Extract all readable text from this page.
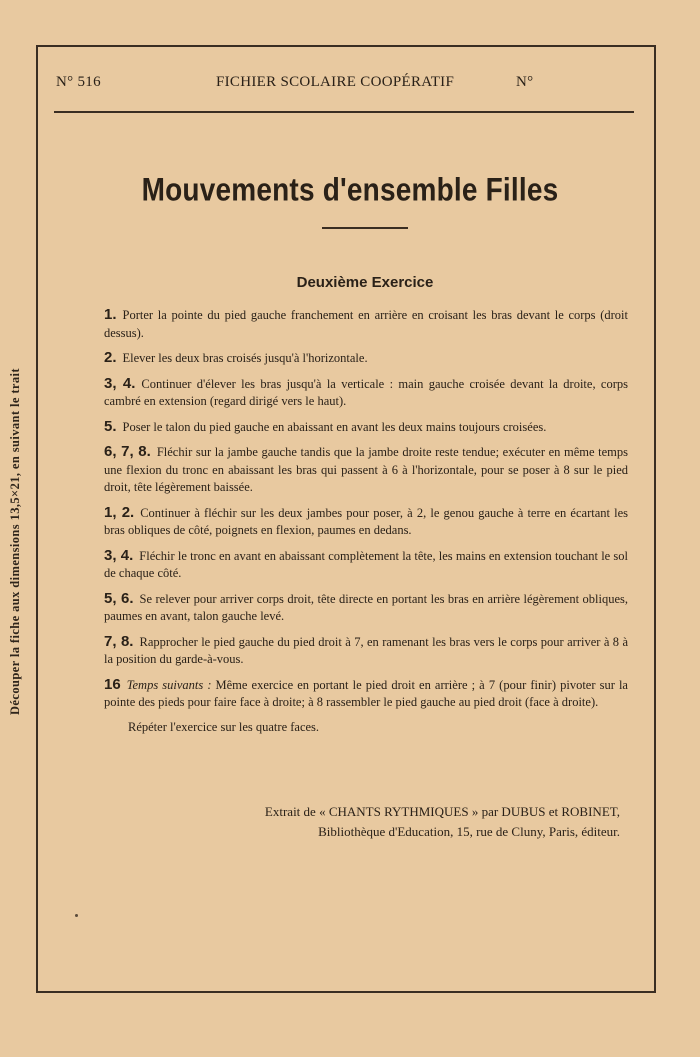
N° 516	FICHIER SCOLAIRE COOPÉRATIF	N°
Découper la fiche aux dimensions 13,5×21, en suivant le trait
Mouvements d'ensemble Filles
Deuxième Exercice

1. Porter la pointe du pied gauche franchement en arrière en croisant les bras devant le corps (droit dessus).

2. Elever les deux bras croisés jusqu'à l'horizontale.

3, 4. Continuer d'élever les bras jusqu'à la verticale : main gauche croisée devant la droite, corps cambré en extension (regard dirigé vers le haut).

5. Poser le talon du pied gauche en abaissant en avant les deux mains toujours croisées.

6, 7, 8. Fléchir sur la jambe gauche tandis que la jambe droite reste tendue; exécuter en même temps une flexion du tronc en abaissant les bras qui passent à 6 à l'horizontale, pour se poser à 8 sur le pied droit, tête légèrement baissée.

1, 2. Continuer à fléchir sur les deux jambes pour poser, à 2, le genou gauche à terre en écartant les bras obliques de côté, poignets en flexion, paumes en dedans.

3, 4. Fléchir le tronc en avant en abaissant complètement la tête, les mains en extension touchant le sol de chaque côté.

5, 6. Se relever pour arriver corps droit, tête directe en portant les bras en arrière légèrement obliques, paumes en avant, talon gauche levé.

7, 8. Rapprocher le pied gauche du pied droit à 7, en ramenant les bras vers le corps pour arriver à 8 à la position du garde-à-vous.

16 Temps suivants : Même exercice en portant le pied droit en arrière ; à 7 (pour finir) pivoter sur la pointe des pieds pour faire face à droite; à 8 rassembler le pied gauche au pied droit (face à droite).

Répéter l'exercice sur les quatre faces.

Extrait de « CHANTS RYTHMIQUES » par DUBUS et ROBINET,
Bibliothèque d'Education, 15, rue de Cluny, Paris, éditeur.
